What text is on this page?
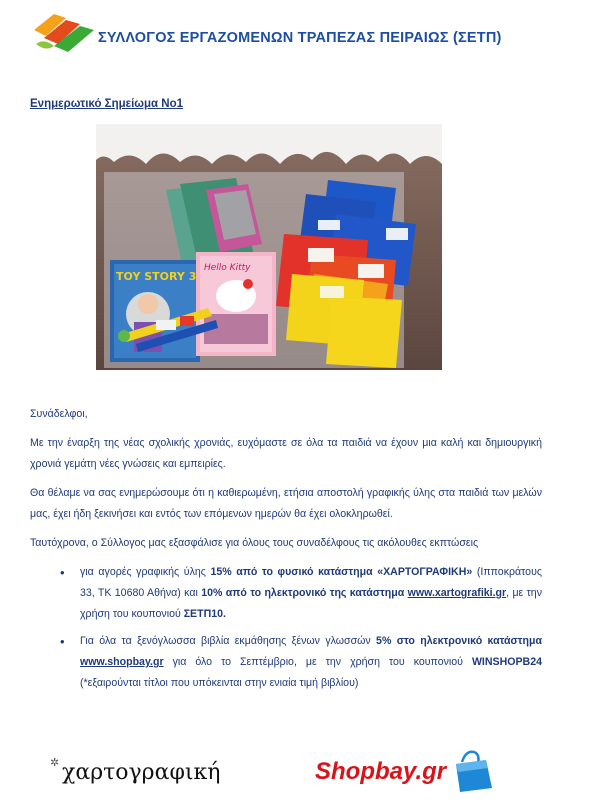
ΣΥΛΛΟΓΟΣ ΕΡΓΑΖΟΜΕΝΩΝ ΤΡΑΠΕΖΑΣ ΠΕΙΡΑΙΩΣ (ΣΕΤΠ)
Ενημερωτικό Σημείωμα Νο1
TOY STORY 3
Hello Kitty

Συνάδελφοι,

Με την έναρξη της νέας σχολικής χρονιάς, ευχόμαστε σε όλα τα παιδιά να έχουν μια καλή και δημιουργική χρονιά γεμάτη νέες γνώσεις και εμπειρίες.

Θα θέλαμε να σας ενημερώσουμε ότι η καθιερωμένη, ετήσια αποστολή γραφικής ύλης στα παιδιά των μελών μας, έχει ήδη ξεκινήσει και εντός των επόμενων ημερών θα έχει ολοκληρωθεί.

Ταυτόχρονα, ο Σύλλογος μας εξασφάλισε για όλους τους συναδέλφους τις ακόλουθες εκπτώσεις

• για αγορές γραφικής ύλης 15% από το φυσικό κατάστημα «ΧΑΡΤΟΓΡΑΦΙΚΗ» (Ιπποκράτους 33, ΤΚ 10680 Αθήνα) και 10% από το ηλεκτρονικό της κατάστημα www.xartografiki.gr, με την χρήση του κουπονιού ΣΕΤΠ10.
• Για όλα τα ξενόγλωσσα βιβλία εκμάθησης ξένων γλωσσών 5% στο ηλεκτρονικό κατάστημα www.shopbay.gr για όλο το Σεπτέμβριο, με την χρήση του κουπονιού WINSHOPB24 (*εξαιρούνται τίτλοι που υπόκεινται στην ενιαία τιμή βιβλίου)
✲ χαρτογραφική	Shopbay.gr
